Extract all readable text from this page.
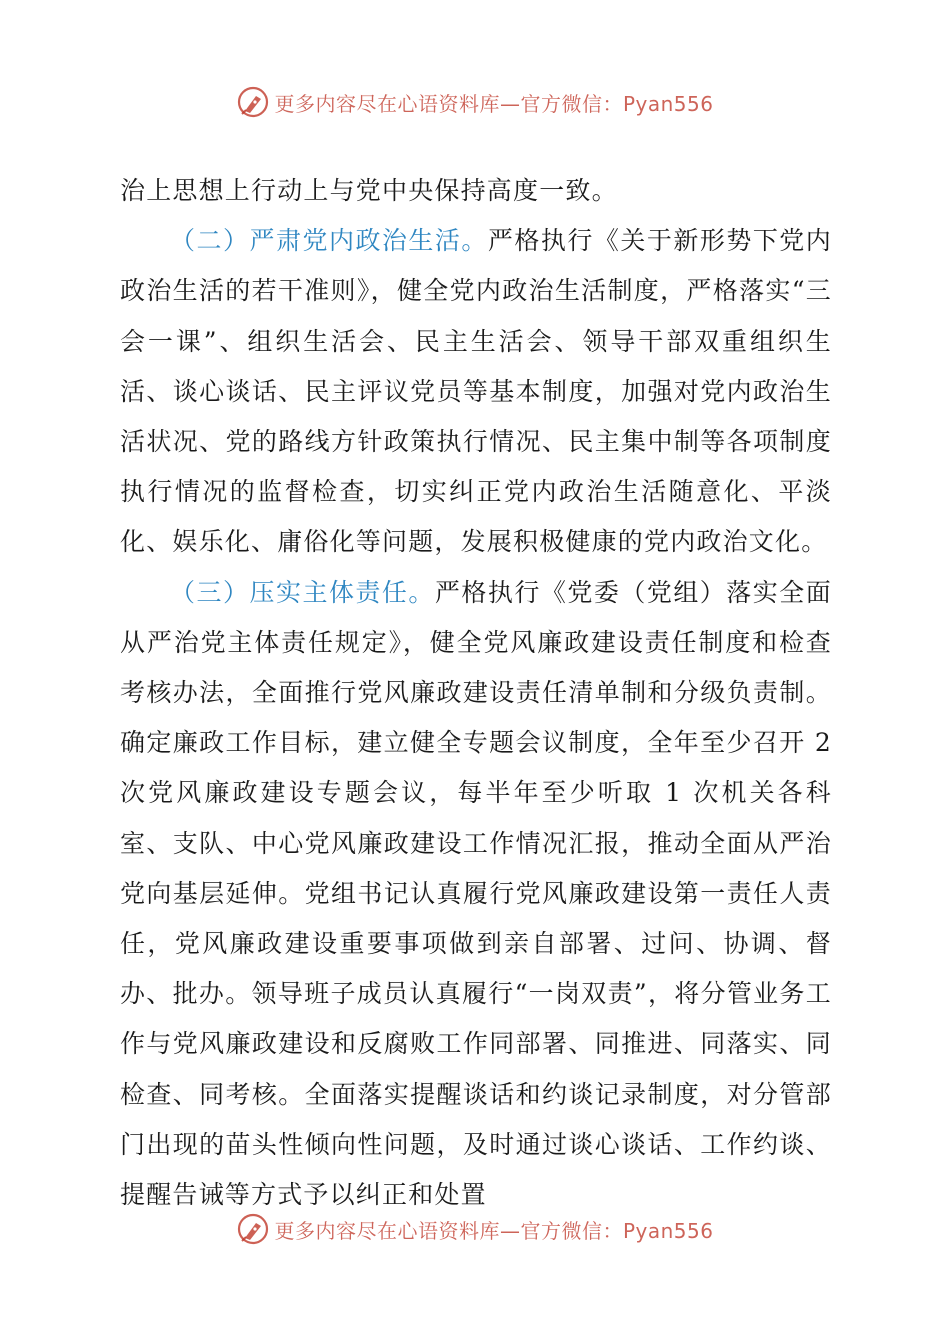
更多内容尽在心语资料库—官方微信：Pyan556

治上思想上行动上与党中央保持高度一致。

（二）严肃党内政治生活。严格执行《关于新形势下党内政治生活的若干准则》，健全党内政治生活制度，严格落实“三会一课”、组织生活会、民主生活会、领导干部双重组织生活、谈心谈话、民主评议党员等基本制度，加强对党内政治生活状况、党的路线方针政策执行情况、民主集中制等各项制度执行情况的监督检查，切实纠正党内政治生活随意化、平淡化、娱乐化、庸俗化等问题，发展积极健康的党内政治文化。

（三）压实主体责任。严格执行《党委（党组）落实全面从严治党主体责任规定》，健全党风廉政建设责任制度和检查考核办法，全面推行党风廉政建设责任清单制和分级负责制。确定廉政工作目标，建立健全专题会议制度，全年至少召开 2 次党风廉政建设专题会议，每半年至少听取 1 次机关各科室、支队、中心党风廉政建设工作情况汇报，推动全面从严治党向基层延伸。党组书记认真履行党风廉政建设第一责任人责任，党风廉政建设重要事项做到亲自部署、过问、协调、督办、批办。领导班子成员认真履行“一岗双责”，将分管业务工作与党风廉政建设和反腐败工作同部署、同推进、同落实、同检查、同考核。全面落实提醒谈话和约谈记录制度，对分管部门出现的苗头性倾向性问题，及时通过谈心谈话、工作约谈、提醒告诫等方式予以纠正和处置

更多内容尽在心语资料库—官方微信：Pyan556
